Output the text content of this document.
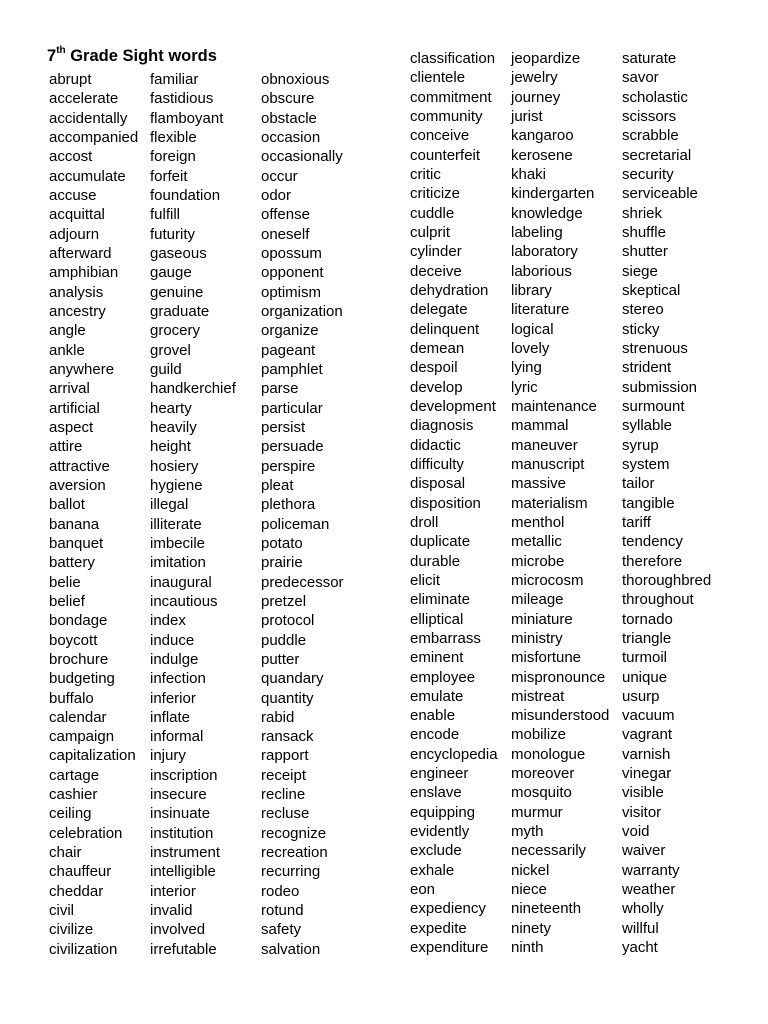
7th Grade Sight words
abrupt
accelerate
accidentally
accompanied
accost
accumulate
accuse
acquittal
adjourn
afterward
amphibian
analysis
ancestry
angle
ankle
anywhere
arrival
artificial
aspect
attire
attractive
aversion
ballot
banana
banquet
battery
belie
belief
bondage
boycott
brochure
budgeting
buffalo
calendar
campaign
capitalization
cartage
cashier
ceiling
celebration
chair
chauffeur
cheddar
civil
civilize
civilization
familiar
fastidious
flamboyant
flexible
foreign
forfeit
foundation
fulfill
futurity
gaseous
gauge
genuine
graduate
grocery
grovel
guild
handkerchief
hearty
heavily
height
hosiery
hygiene
illegal
illiterate
imbecile
imitation
inaugural
incautious
index
induce
indulge
infection
inferior
inflate
informal
injury
inscription
insecure
insinuate
institution
instrument
intelligible
interior
invalid
involved
irrefutable
obnoxious
obscure
obstacle
occasion
occasionally
occur
odor
offense
oneself
opossum
opponent
optimism
organization
organize
pageant
pamphlet
parse
particular
persist
persuade
perspire
pleat
plethora
policeman
potato
prairie
predecessor
pretzel
protocol
puddle
putter
quandary
quantity
rabid
ransack
rapport
receipt
recline
recluse
recognize
recreation
recurring
rodeo
rotund
safety
salvation
classification
clientele
commitment
community
conceive
counterfeit
critic
criticize
cuddle
culprit
cylinder
deceive
dehydration
delegate
delinquent
demean
despoil
develop
development
diagnosis
didactic
difficulty
disposal
disposition
droll
duplicate
durable
elicit
eliminate
elliptical
embarrass
eminent
employee
emulate
enable
encode
encyclopedia
engineer
enslave
equipping
evidently
exclude
exhale
eon
expediency
expedite
expenditure
jeopardize
jewelry
journey
jurist
kangaroo
kerosene
khaki
kindergarten
knowledge
labeling
laboratory
laborious
library
literature
logical
lovely
lying
lyric
maintenance
mammal
maneuver
manuscript
massive
materialism
menthol
metallic
microbe
microcosm
mileage
miniature
ministry
misfortune
mispronounce
mistreat
misunderstood
mobilize
monologue
moreover
mosquito
murmur
myth
necessarily
nickel
niece
nineteenth
ninety
ninth
saturate
savor
scholastic
scissors
scrabble
secretarial
security
serviceable
shriek
shuffle
shutter
siege
skeptical
stereo
sticky
strenuous
strident
submission
surmount
syllable
syrup
system
tailor
tangible
tariff
tendency
therefore
thoroughbred
throughout
tornado
triangle
turmoil
unique
usurp
vacuum
vagrant
varnish
vinegar
visible
visitor
void
waiver
warranty
weather
wholly
willful
yacht
